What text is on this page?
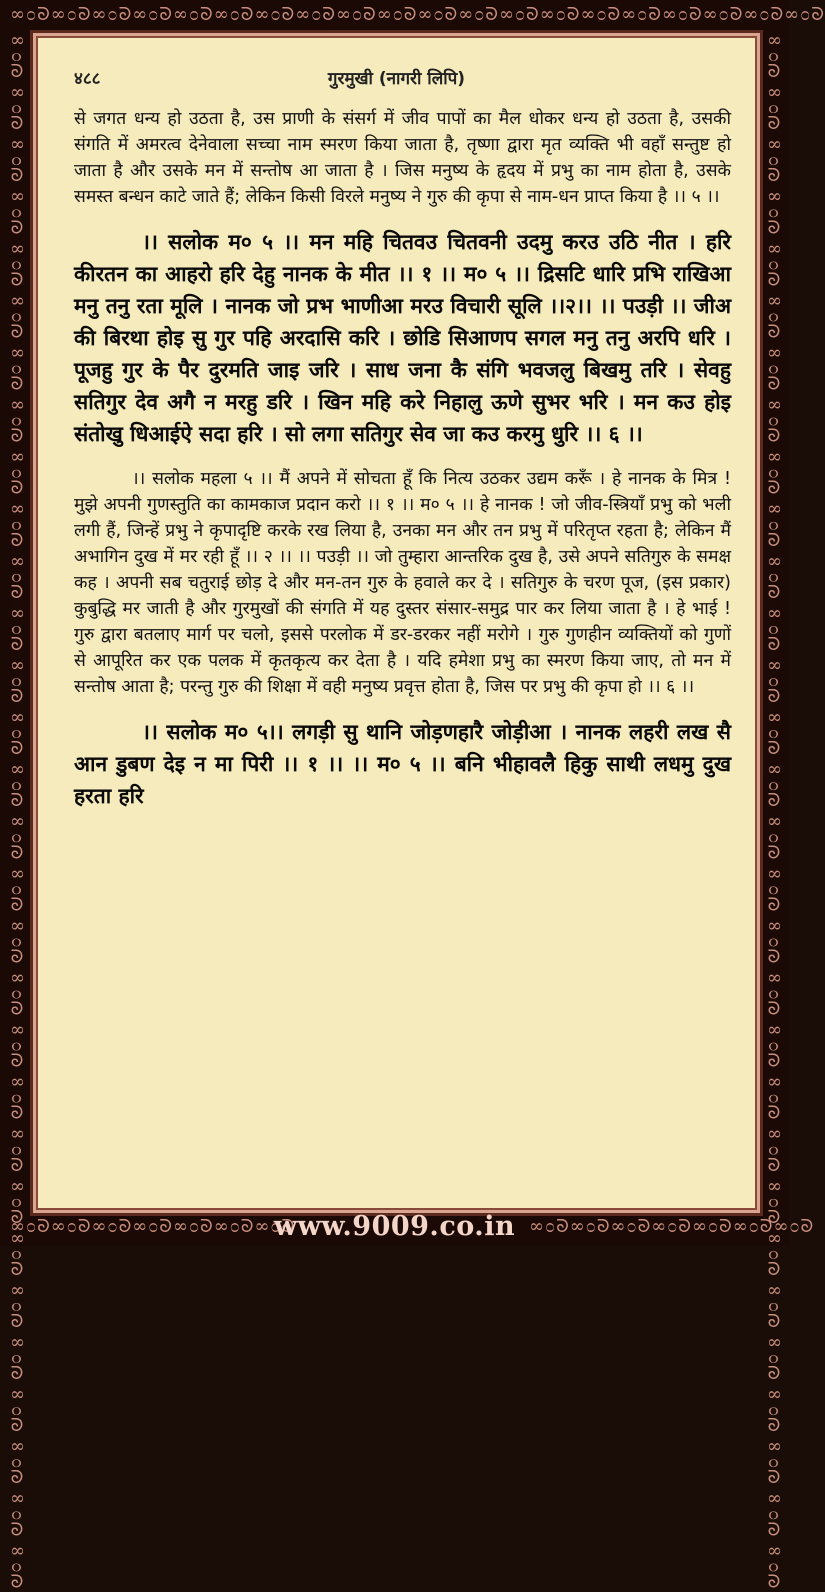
∞೦ᘐ∞೦ᘐ∞೦ᘐ∞೦ᘐ∞೦ᘐ∞೦ᘐ∞೦ᘐ∞೦ᘐ∞೦ᘐ∞೦ᘐ∞೦ᘐ∞೦ᘐ∞೦ᘐ∞೦ᘐ∞೦ᘐ∞೦ᘐ∞೦ᘐ∞೦ᘐ∞೦ᘐ∞೦ᘐ
∞೦ᘐ∞೦ᘐ∞೦ᘐ∞೦ᘐ∞೦ᘐ∞೦ᘐ∞೦ᘐ∞೦ᘐ∞೦ᘐ∞೦ᘐ∞೦ᘐ∞೦ᘐ∞೦ᘐ∞೦ᘐ∞೦ᘐ∞೦ᘐ∞೦ᘐ∞೦ᘐ∞೦ᘐ∞೦ᘐ∞೦ᘐ∞೦ᘐ∞೦ᘐ∞೦ᘐ∞೦ᘐ∞೦ᘐ∞೦ᘐ∞೦ᘐ∞೦ᘐ∞೦ᘐ	∞೦ᘐ∞೦ᘐ∞೦ᘐ∞೦ᘐ∞೦ᘐ∞೦ᘐ∞೦ᘐ∞೦ᘐ∞೦ᘐ∞೦ᘐ∞೦ᘐ∞೦ᘐ∞೦ᘐ∞೦ᘐ∞೦ᘐ∞೦ᘐ∞೦ᘐ∞೦ᘐ∞೦ᘐ∞೦ᘐ∞೦ᘐ∞೦ᘐ∞೦ᘐ∞೦ᘐ∞೦ᘐ∞೦ᘐ∞೦ᘐ∞೦ᘐ∞೦ᘐ∞೦ᘐ
∞೦ᘐ∞೦ᘐ∞೦ᘐ∞೦ᘐ∞೦ᘐ∞೦ᘐ∞೦ᘐ	∞೦ᘐ∞೦ᘐ∞೦ᘐ∞೦ᘐ∞೦ᘐ∞೦ᘐ∞೦ᘐ
गुरमुखी (नागरी लिपि)
४८८

से जगत धन्य हो उठता है, उस प्राणी के संसर्ग में जीव पापों का मैल धोकर धन्य हो उठता है, उसकी संगति में अमरत्व देनेवाला सच्चा नाम स्मरण किया जाता है, तृष्णा द्वारा मृत व्यक्ति भी वहाँ सन्तुष्ट हो जाता है और उसके मन में सन्तोष आ जाता है । जिस मनुष्य के हृदय में प्रभु का नाम होता है, उसके समस्त बन्धन काटे जाते हैं; लेकिन किसी विरले मनुष्य ने गुरु की कृपा से नाम-धन प्राप्त किया है ।। ५ ।।

।। सलोक म० ५ ।। मन महि चितवउ चितवनी उदमु करउ उठि नीत । हरि कीरतन का आहरो हरि देहु नानक के मीत ।। १ ।। म० ५ ।। द्रिसटि धारि प्रभि राखिआ मनु तनु रता मूलि । नानक जो प्रभ भाणीआ मरउ विचारी सूलि ।।२।। ।। पउड़ी ।। जीअ की बिरथा होइ सु गुर पहि अरदासि करि । छोडि सिआणप सगल मनु तनु अरपि धरि । पूजहु गुर के पैर दुरमति जाइ जरि । साध जना कै संगि भवजलु बिखमु तरि । सेवहु सतिगुर देव अगै न मरहु डरि । खिन महि करे निहालु ऊणे सुभर भरि । मन कउ होइ संतोखु धिआईऐ सदा हरि । सो लगा सतिगुर सेव जा कउ करमु धुरि ।। ६ ।।

।। सलोक महला ५ ।। मैं अपने में सोचता हूँ कि नित्य उठकर उद्यम करूँ । हे नानक के मित्र ! मुझे अपनी गुणस्तुति का कामकाज प्रदान करो ।। १ ।। म० ५ ।। हे नानक ! जो जीव-स्त्रियाँ प्रभु को भली लगी हैं, जिन्हें प्रभु ने कृपादृष्टि करके रख लिया है, उनका मन और तन प्रभु में परितृप्त रहता है; लेकिन मैं अभागिन दुख में मर रही हूँ ।। २ ।। ।। पउड़ी ।। जो तुम्हारा आन्तरिक दुख है, उसे अपने सतिगुरु के समक्ष कह । अपनी सब चतुराई छोड़ दे और मन-तन गुरु के हवाले कर दे । सतिगुरु के चरण पूज, (इस प्रकार) कुबुद्धि मर जाती है और गुरमुखों की संगति में यह दुस्तर संसार-समुद्र पार कर लिया जाता है । हे भाई ! गुरु द्वारा बतलाए मार्ग पर चलो, इससे परलोक में डर-डरकर नहीं मरोगे । गुरु गुणहीन व्यक्तियों को गुणों से आपूरित कर एक पलक में कृतकृत्य कर देता है । यदि हमेशा प्रभु का स्मरण किया जाए, तो मन में सन्तोष आता है; परन्तु गुरु की शिक्षा में वही मनुष्य प्रवृत्त होता है, जिस पर प्रभु की कृपा हो ।। ६ ।।

।। सलोक म० ५।। लगड़ी सु थानि जोड़णहारै जोड़ीआ । नानक लहरी लख सै आन डुबण देइ न मा पिरी ।। १ ।। ।। म० ५ ।। बनि भीहावलै हिकु साथी लधमु दुख हरता हरि

www.9009.co.in
